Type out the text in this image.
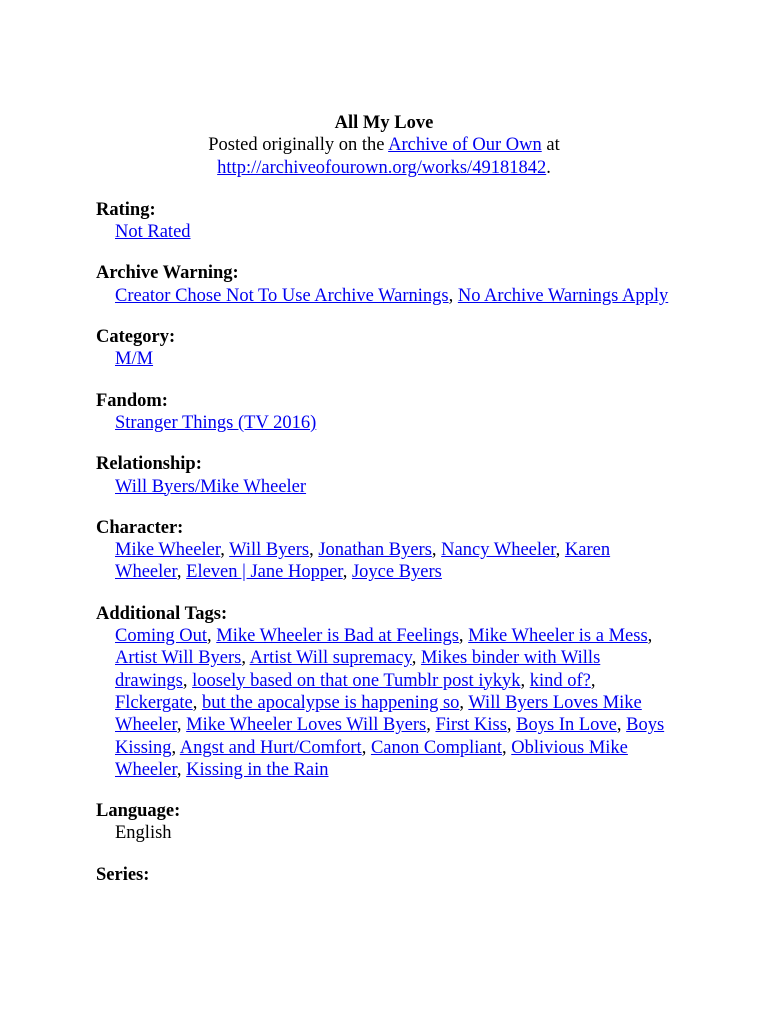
All My Love
Posted originally on the Archive of Our Own at
http://archiveofourown.org/works/49181842.
Rating:
Not Rated
Archive Warning:
Creator Chose Not To Use Archive Warnings, No Archive Warnings Apply
Category:
M/M
Fandom:
Stranger Things (TV 2016)
Relationship:
Will Byers/Mike Wheeler
Character:
Mike Wheeler, Will Byers, Jonathan Byers, Nancy Wheeler, Karen Wheeler, Eleven | Jane Hopper, Joyce Byers
Additional Tags:
Coming Out, Mike Wheeler is Bad at Feelings, Mike Wheeler is a Mess, Artist Will Byers, Artist Will supremacy, Mikes binder with Wills drawings, loosely based on that one Tumblr post iykyk, kind of?, Flckergate, but the apocalypse is happening so, Will Byers Loves Mike Wheeler, Mike Wheeler Loves Will Byers, First Kiss, Boys In Love, Boys Kissing, Angst and Hurt/Comfort, Canon Compliant, Oblivious Mike Wheeler, Kissing in the Rain
Language:
English
Series:
